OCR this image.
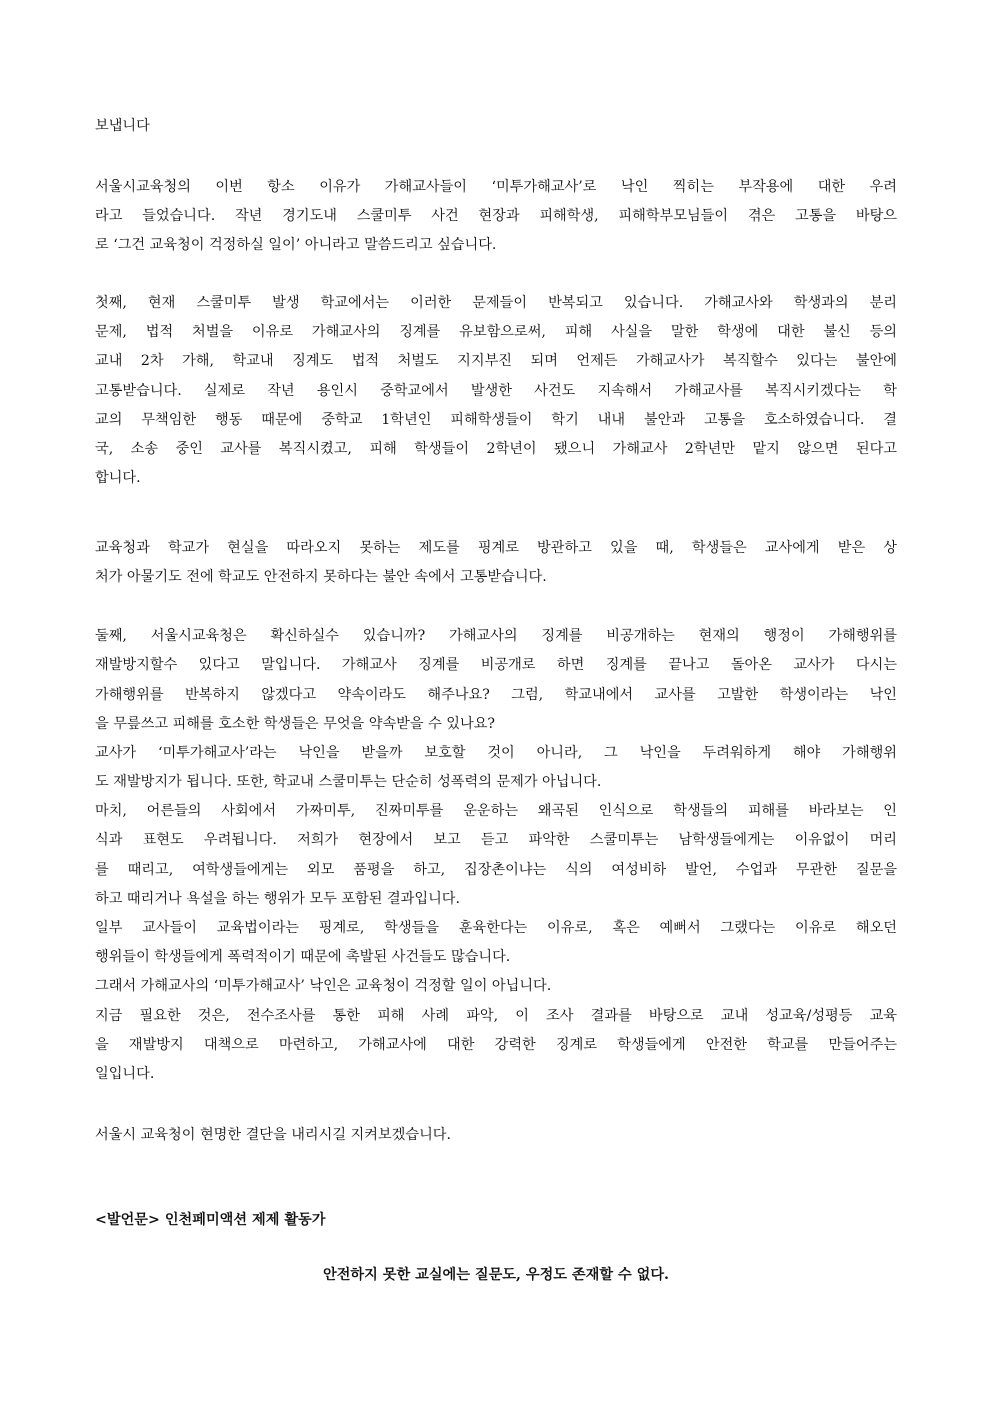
보냅니다
서울시교육청의 이번 항소 이유가 가해교사들이 ‘미투가해교사’로 낙인 찍히는 부작용에 대한 우려
라고 들었습니다. 작년 경기도내 스쿨미투 사건 현장과 피해학생, 피해학부모님들이 겪은 고통을 바탕으
로 ‘그건 교육청이 걱정하실 일이’ 아니라고 말씀드리고 싶습니다.
첫째, 현재 스쿨미투 발생 학교에서는 이러한 문제들이 반복되고 있습니다. 가해교사와 학생과의 분리
문제, 법적 처벌을 이유로 가해교사의 징계를 유보함으로써, 피해 사실을 말한 학생에 대한 불신 등의
교내 2차 가해, 학교내 징계도 법적 처벌도 지지부진 되며 언제든 가해교사가 복직할수 있다는 불안에
고통받습니다. 실제로 작년 용인시 중학교에서 발생한 사건도 지속해서 가해교사를 복직시키겠다는 학
교의 무책임한 행동 때문에 중학교 1학년인 피해학생들이 학기 내내 불안과 고통을 호소하였습니다. 결
국, 소송 중인 교사를 복직시켰고, 피해 학생들이 2학년이 됐으니 가해교사 2학년만 맡지 않으면 된다고
합니다.
교육청과 학교가 현실을 따라오지 못하는 제도를 핑계로 방관하고 있을 때, 학생들은 교사에게 받은 상
처가 아물기도 전에 학교도 안전하지 못하다는 불안 속에서 고통받습니다.
둘째, 서울시교육청은 확신하실수 있습니까? 가해교사의 징계를 비공개하는 현재의 행정이 가해행위를
재발방지할수 있다고 말입니다. 가해교사 징계를 비공개로 하면 징계를 끝나고 돌아온 교사가 다시는
가해행위를 반복하지 않겠다고 약속이라도 해주나요? 그럼, 학교내에서 교사를 고발한 학생이라는 낙인
을 무릎쓰고 피해를 호소한 학생들은 무엇을 약속받을 수 있나요?
교사가 ‘미투가해교사’라는 낙인을 받을까 보호할 것이 아니라, 그 낙인을 두려워하게 해야 가해행위
도 재발방지가 됩니다. 또한, 학교내 스쿨미투는 단순히 성폭력의 문제가 아닙니다.
마치, 어른들의 사회에서 가짜미투, 진짜미투를 운운하는 왜곡된 인식으로 학생들의 피해를 바라보는 인
식과 표현도 우려됩니다. 저희가 현장에서 보고 듣고 파악한 스쿨미투는 남학생들에게는 이유없이 머리
를 때리고, 여학생들에게는 외모 품평을 하고, 집장촌이냐는 식의 여성비하 발언, 수업과 무관한 질문을
하고 때리거나 욕설을 하는 행위가 모두 포함된 결과입니다.
일부 교사들이 교육법이라는 핑계로, 학생들을 훈육한다는 이유로, 혹은 예뻐서 그랬다는 이유로 해오던
행위들이 학생들에게 폭력적이기 때문에 촉발된 사건들도 많습니다.
그래서 가해교사의 ‘미투가해교사’ 낙인은 교육청이 걱정할 일이 아닙니다.
지금 필요한 것은, 전수조사를 통한 피해 사례 파악, 이 조사 결과를 바탕으로 교내 성교육/성평등 교육
을 재발방지 대책으로 마련하고, 가해교사에 대한 강력한 징계로 학생들에게 안전한 학교를 만들어주는
일입니다.
서울시 교육청이 현명한 결단을 내리시길 지켜보겠습니다.
<발언문> 인천페미액션 제제 활동가
안전하지 못한 교실에는 질문도, 우정도 존재할 수 없다.
